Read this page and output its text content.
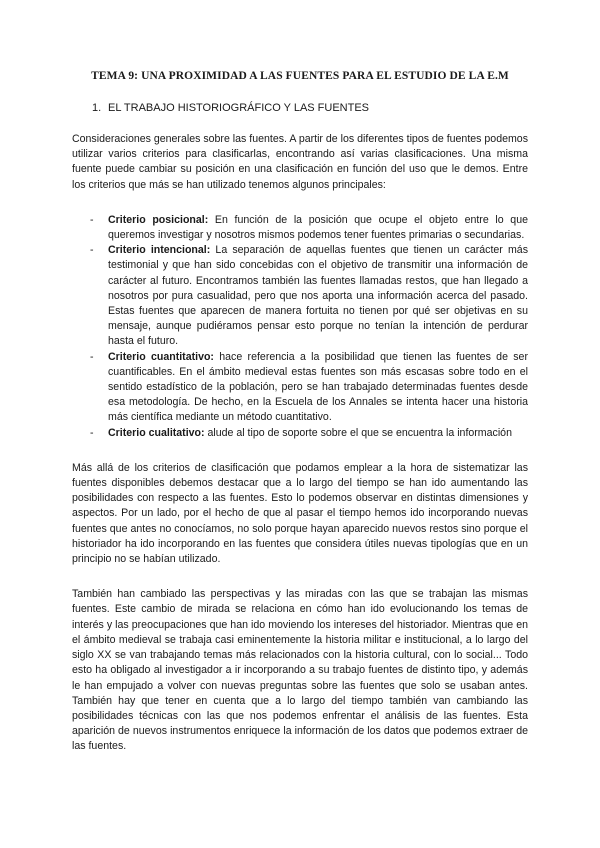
TEMA 9: UNA PROXIMIDAD A LAS FUENTES PARA EL ESTUDIO DE LA E.M
1. EL TRABAJO HISTORIOGRÁFICO Y LAS FUENTES

Consideraciones generales sobre las fuentes. A partir de los diferentes tipos de fuentes podemos utilizar varios criterios para clasificarlas, encontrando así varias clasificaciones. Una misma fuente puede cambiar su posición en una clasificación en función del uso que le demos. Entre los criterios que más se han utilizado tenemos algunos principales:

- Criterio posicional: En función de la posición que ocupe el objeto entre lo que queremos investigar y nosotros mismos podemos tener fuentes primarias o secundarias.
- Criterio intencional: La separación de aquellas fuentes que tienen un carácter más testimonial y que han sido concebidas con el objetivo de transmitir una información de carácter al futuro. Encontramos también las fuentes llamadas restos, que han llegado a nosotros por pura casualidad, pero que nos aporta una información acerca del pasado. Estas fuentes que aparecen de manera fortuita no tienen por qué ser objetivas en su mensaje, aunque pudiéramos pensar esto porque no tenían la intención de perdurar hasta el futuro.
- Criterio cuantitativo: hace referencia a la posibilidad que tienen las fuentes de ser cuantificables. En el ámbito medieval estas fuentes son más escasas sobre todo en el sentido estadístico de la población, pero se han trabajado determinadas fuentes desde esa metodología. De hecho, en la Escuela de los Annales se intenta hacer una historia más científica mediante un método cuantitativo.
- Criterio cualitativo: alude al tipo de soporte sobre el que se encuentra la información

Más allá de los criterios de clasificación que podamos emplear a la hora de sistematizar las fuentes disponibles debemos destacar que a lo largo del tiempo se han ido aumentando las posibilidades con respecto a las fuentes. Esto lo podemos observar en distintas dimensiones y aspectos. Por un lado, por el hecho de que al pasar el tiempo hemos ido incorporando nuevas fuentes que antes no conocíamos, no solo porque hayan aparecido nuevos restos sino porque el historiador ha ido incorporando en las fuentes que considera útiles nuevas tipologías que en un principio no se habían utilizado.

También han cambiado las perspectivas y las miradas con las que se trabajan las mismas fuentes. Este cambio de mirada se relaciona en cómo han ido evolucionando los temas de interés y las preocupaciones que han ido moviendo los intereses del historiador. Mientras que en el ámbito medieval se trabaja casi eminentemente la historia militar e institucional, a lo largo del siglo XX se van trabajando temas más relacionados con la historia cultural, con lo social... Todo esto ha obligado al investigador a ir incorporando a su trabajo fuentes de distinto tipo, y además le han empujado a volver con nuevas preguntas sobre las fuentes que solo se usaban antes. También hay que tener en cuenta que a lo largo del tiempo también van cambiando las posibilidades técnicas con las que nos podemos enfrentar el análisis de las fuentes. Esta aparición de nuevos instrumentos enriquece la información de los datos que podemos extraer de las fuentes.
